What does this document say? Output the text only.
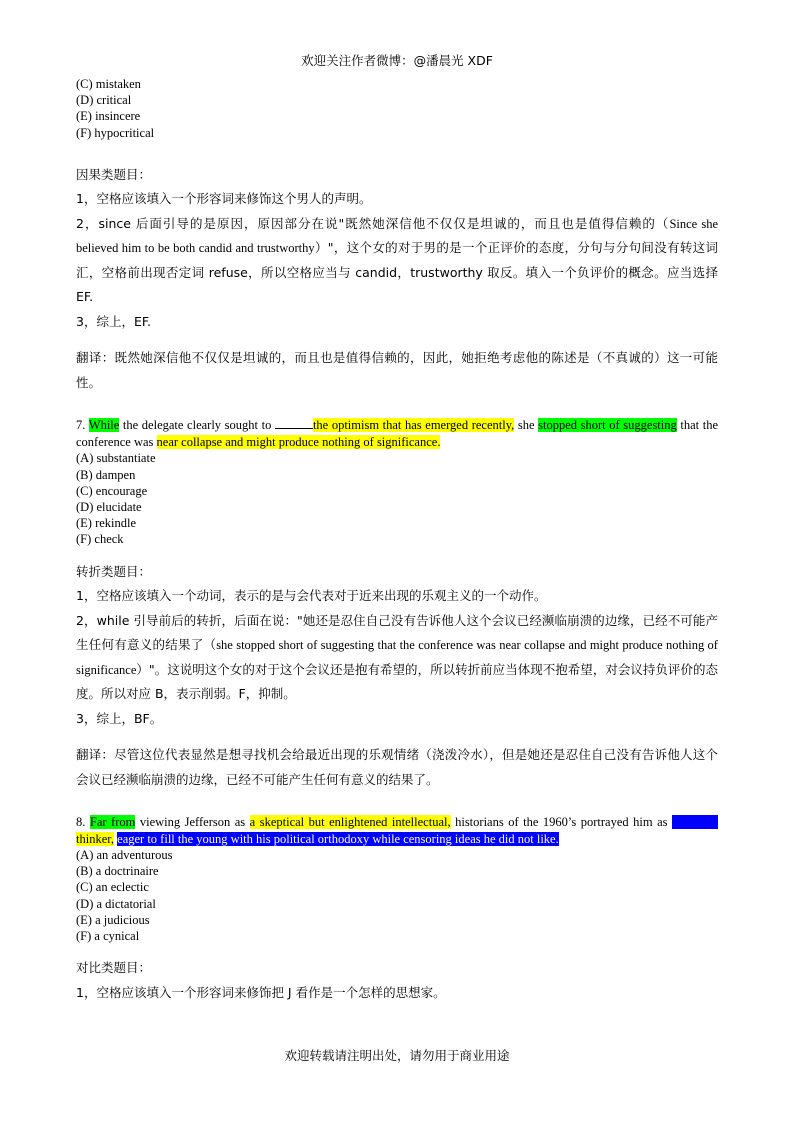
欢迎关注作者微博：@潘晨光 XDF

(C) mistaken

(D) critical

(E) insincere

(F) hypocritical

因果类题目：

1，空格应该填入一个形容词来修饰这个男人的声明。

2，since 后面引导的是原因，原因部分在说"既然她深信他不仅仅是坦诚的，而且也是值得信赖的（Since she believed him to be both candid and trustworthy）"，这个女的对于男的是一个正评价的态度，分句与分句间没有转这词汇，空格前出现否定词 refuse，所以空格应当与 candid，trustworthy 取反。填入一个负评价的概念。应当选择 EF.

3，综上，EF.

翻译：既然她深信他不仅仅是坦诚的，而且也是值得信赖的，因此，她拒绝考虑他的陈述是（不真诚的）这一可能性。

7. While the delegate clearly sought to	the optimism that has emerged recently, she stopped short of suggesting that the conference was near collapse and might produce nothing of significance.

(A) substantiate

(B) dampen

(C) encourage

(D) elucidate

(E) rekindle

(F) check

转折类题目：

1，空格应该填入一个动词，表示的是与会代表对于近来出现的乐观主义的一个动作。

2，while 引导前后的转折，后面在说："她还是忍住自己没有告诉他人这个会议已经濒临崩溃的边缘，已经不可能产生任何有意义的结果了（she stopped short of suggesting that the conference was near collapse and might produce nothing of significance）"。这说明这个女的对于这个会议还是抱有希望的，所以转折前应当体现不抱希望，对会议持负评价的态度。所以对应 B，表示削弱。F，抑制。

3，综上，BF。

翻译：尽管这位代表显然是想寻找机会给最近出现的乐观情绪（浇泼冷水），但是她还是忍住自己没有告诉他人这个会议已经濒临崩溃的边缘，已经不可能产生任何有意义的结果了。

8. Far from viewing Jefferson as a skeptical but enlightened intellectual, historians of the 1960’s portrayed him as thinker, eager to fill the young with his political orthodoxy while censoring ideas he did not like.

(A) an adventurous

(B) a doctrinaire

(C) an eclectic

(D) a dictatorial

(E) a judicious

(F) a cynical

对比类题目：

1，空格应该填入一个形容词来修饰把 J 看作是一个怎样的思想家。

欢迎转载请注明出处，请勿用于商业用途
